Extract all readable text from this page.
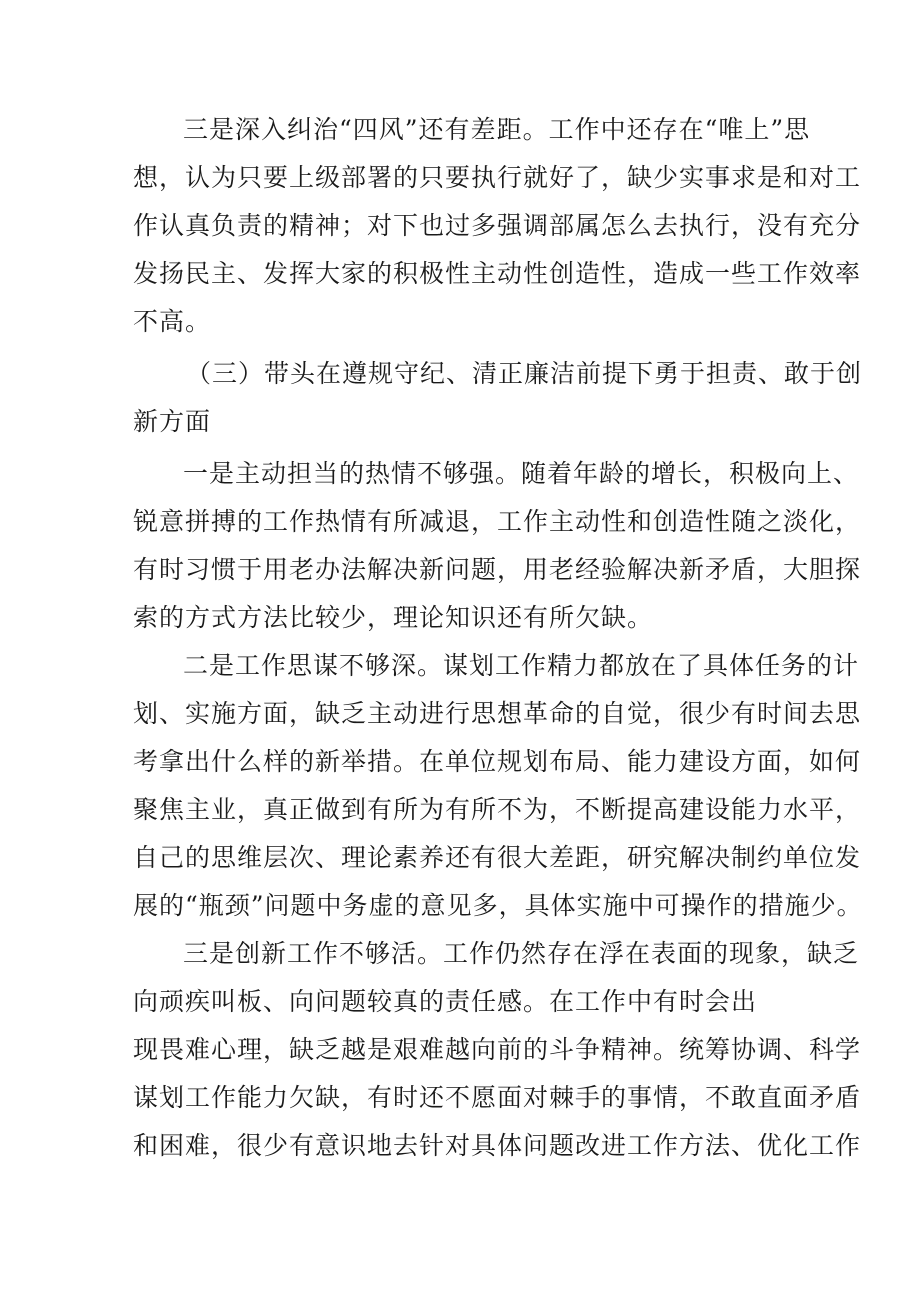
三是深入纠治“四风”还有差距。工作中还存在“唯上”思

想，认为只要上级部署的只要执行就好了，缺少实事求是和对工

作认真负责的精神；对下也过多强调部属怎么去执行，没有充分

发扬民主、发挥大家的积极性主动性创造性，造成一些工作效率

不高。

（三）带头在遵规守纪、清正廉洁前提下勇于担责、敢于创

新方面

一是主动担当的热情不够强。随着年龄的增长，积极向上、

锐意拼搏的工作热情有所减退，工作主动性和创造性随之淡化，

有时习惯于用老办法解决新问题，用老经验解决新矛盾，大胆探

索的方式方法比较少，理论知识还有所欠缺。

二是工作思谋不够深。谋划工作精力都放在了具体任务的计

划、实施方面，缺乏主动进行思想革命的自觉，很少有时间去思

考拿出什么样的新举措。在单位规划布局、能力建设方面，如何

聚焦主业，真正做到有所为有所不为，不断提高建设能力水平，

自己的思维层次、理论素养还有很大差距，研究解决制约单位发

展的“瓶颈”问题中务虚的意见多，具体实施中可操作的措施少。

三是创新工作不够活。工作仍然存在浮在表面的现象，缺乏

向顽疾叫板、向问题较真的责任感。在工作中有时会出

现畏难心理，缺乏越是艰难越向前的斗争精神。统筹协调、科学

谋划工作能力欠缺，有时还不愿面对棘手的事情，不敢直面矛盾

和困难，很少有意识地去针对具体问题改进工作方法、优化工作
